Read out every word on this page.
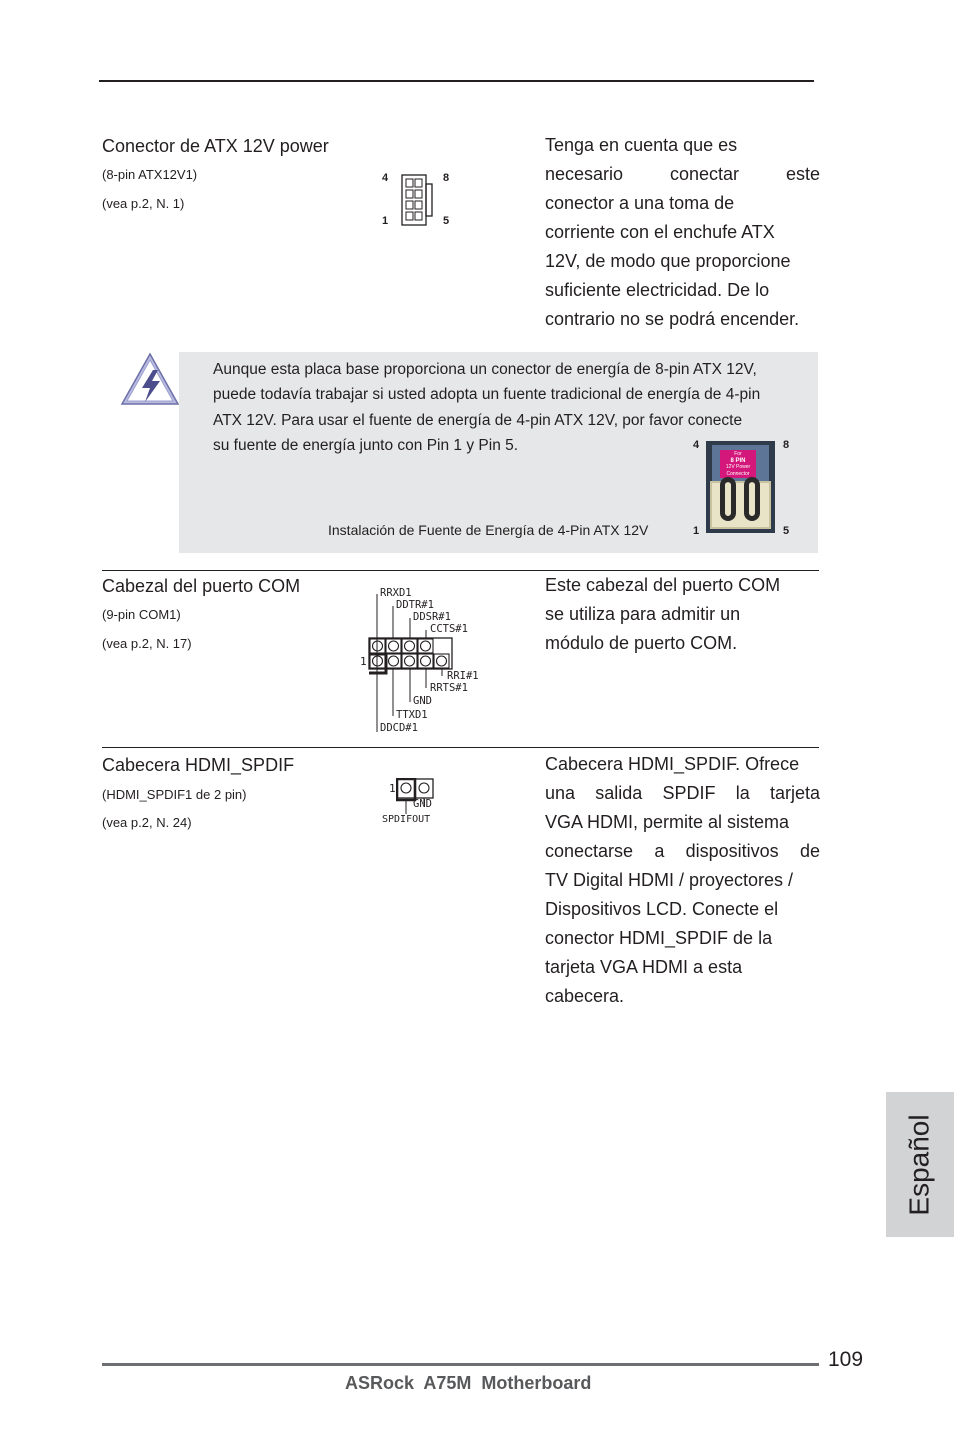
Conector de ATX 12V power
(8-pin ATX12V1)
(vea p.2, N. 1)
4	8
1	5
Tenga en cuenta que es
necesario conectar este
conector a una toma de
corriente con el enchufe ATX
12V, de modo que proporcione
suficiente electricidad. De lo
contrario no se podrá encender.
Aunque esta placa base proporciona un conector de energía de 8-pin ATX 12V,
puede todavía trabajar si usted adopta un fuente tradicional de energía de 4-pin
ATX 12V. Para usar el fuente de energía de 4-pin ATX 12V, por favor conecte
su fuente de energía junto con Pin 1 y Pin 5.
Instalación de Fuente de Energía de 4-Pin ATX 12V
4	8
1	5
For
8 PIN
12V Power
Connector
Cabezal del puerto COM
(9-pin COM1)
(vea p.2, N. 17)
RRXD1
DDTR#1
DDSR#1
CCTS#1
1
RRI#1
RRTS#1
GND
TTXD1
DDCD#1
Este cabezal del puerto COM
se utiliza para admitir un
módulo de puerto COM.
Cabecera HDMI_SPDIF
(HDMI_SPDIF1 de 2 pin)
(vea p.2, N. 24)
1
GND
SPDIFOUT
Cabecera HDMI_SPDIF. Ofrece
una salida SPDIF la tarjeta
VGA HDMI, permite al sistema
conectarse a dispositivos de
TV Digital HDMI / proyectores /
Dispositivos LCD. Conecte el
conector HDMI_SPDIF de la
tarjeta VGA HDMI a esta
cabecera.
Español
109
ASRock  A75M  Motherboard
